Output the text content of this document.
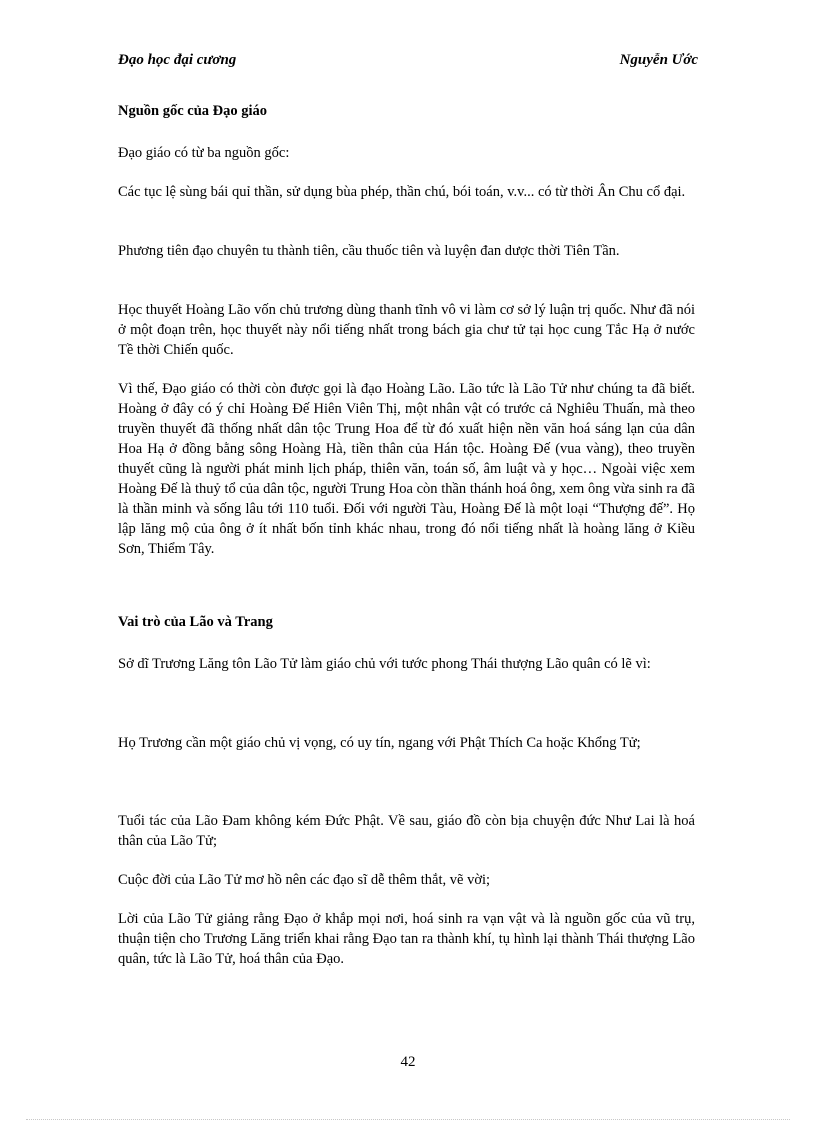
Đạo học đại cương	Nguyễn Ước
Nguồn gốc của Đạo giáo
Đạo giáo có từ ba nguồn gốc:
Các tục lệ sùng bái quỉ thần, sử dụng bùa phép, thần chú, bói toán, v.v... có từ thời Ân Chu cổ đại.
Phương tiên đạo chuyên tu thành tiên, cầu thuốc tiên và luyện đan dược thời Tiên Tần.
Học thuyết Hoàng Lão vốn chủ trương dùng thanh tĩnh vô vi làm cơ sở lý luận trị quốc. Như đã nói ở một đoạn trên, học thuyết này nổi tiếng nhất trong bách gia chư tử tại học cung Tắc Hạ ở nước Tề thời Chiến quốc.
Vì thế, Đạo giáo có thời còn được gọi là đạo Hoàng Lão. Lão tức là Lão Tử như chúng ta đã biết. Hoàng ở đây có ý chỉ Hoàng Đế Hiên Viên Thị, một nhân vật có trước cả Nghiêu Thuấn, mà theo truyền thuyết đã thống nhất dân tộc Trung Hoa để từ đó xuất hiện nền văn hoá sáng lạn của dân Hoa Hạ ở đồng bằng sông Hoàng Hà, tiền thân của Hán tộc. Hoàng Đế (vua vàng), theo truyền thuyết cũng là người phát minh lịch pháp, thiên văn, toán số, âm luật và y học… Ngoài việc xem Hoàng Đế là thuỷ tổ của dân tộc, người Trung Hoa còn thần thánh hoá ông, xem ông vừa sinh ra đã là thần minh và sống lâu tới 110 tuổi. Đối với người Tàu, Hoàng Đế là một loại “Thượng đế”. Họ lập lăng mộ của ông ở ít nhất bốn tỉnh khác nhau, trong đó nổi tiếng nhất là hoàng lăng ở Kiều Sơn, Thiểm Tây.
Vai trò của Lão và Trang
Sở dĩ Trương Lăng tôn Lão Tử làm giáo chủ với tước phong Thái thượng Lão quân có lẽ vì:
Họ Trương cần một giáo chủ vị vọng, có uy tín, ngang với Phật Thích Ca hoặc Khổng Tử;
Tuổi tác của Lão Đam không kém Đức Phật. Về sau, giáo đồ còn bịa chuyện đức Như Lai là hoá thân của Lão Tử;
Cuộc đời của Lão Tử mơ hồ nên các đạo sĩ dễ thêm thắt, vẽ vời;
Lời của Lão Tử giảng rằng Đạo ở khắp mọi nơi, hoá sinh ra vạn vật và là nguồn gốc của vũ trụ, thuận tiện cho Trương Lăng triển khai rằng Đạo tan ra thành khí, tụ hình lại thành Thái thượng Lão quân, tức là Lão Tử, hoá thân của Đạo.
42
